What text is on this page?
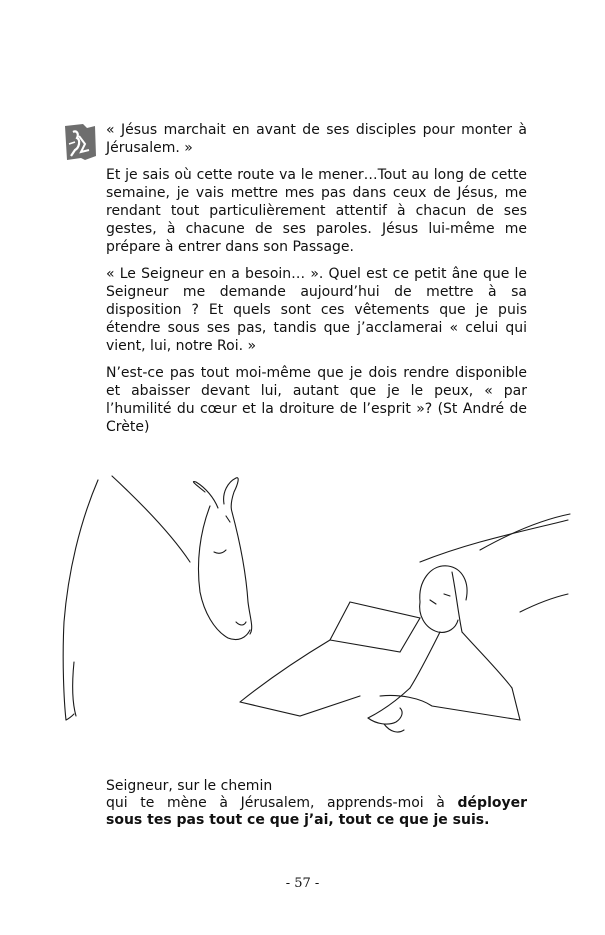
« Jésus marchait en avant de ses disciples pour monter à Jérusalem. »

Et je sais où cette route va le mener…Tout au long de cette semaine, je vais mettre mes pas dans ceux de Jésus, me rendant tout particulièrement attentif à chacun de ses gestes, à chacune de ses paroles. Jésus lui-même me prépare à entrer dans son Passage.

« Le Seigneur en a besoin… ». Quel est ce petit âne que le Seigneur me demande aujourd’hui de mettre à sa disposition ? Et quels sont ces vêtements que je puis étendre sous ses pas, tandis que j’acclamerai « celui qui vient, lui, notre Roi. »

N’est-ce pas tout moi-même que je dois rendre disponible et abaisser devant lui, autant que je le peux, « par l’humilité du cœur et la droiture de l’esprit »? (St André de Crète)

Seigneur, sur le chemin
qui te mène à Jérusalem, apprends-moi à déployer
sous tes pas tout ce que j’ai, tout ce que je suis.
- 57 -
